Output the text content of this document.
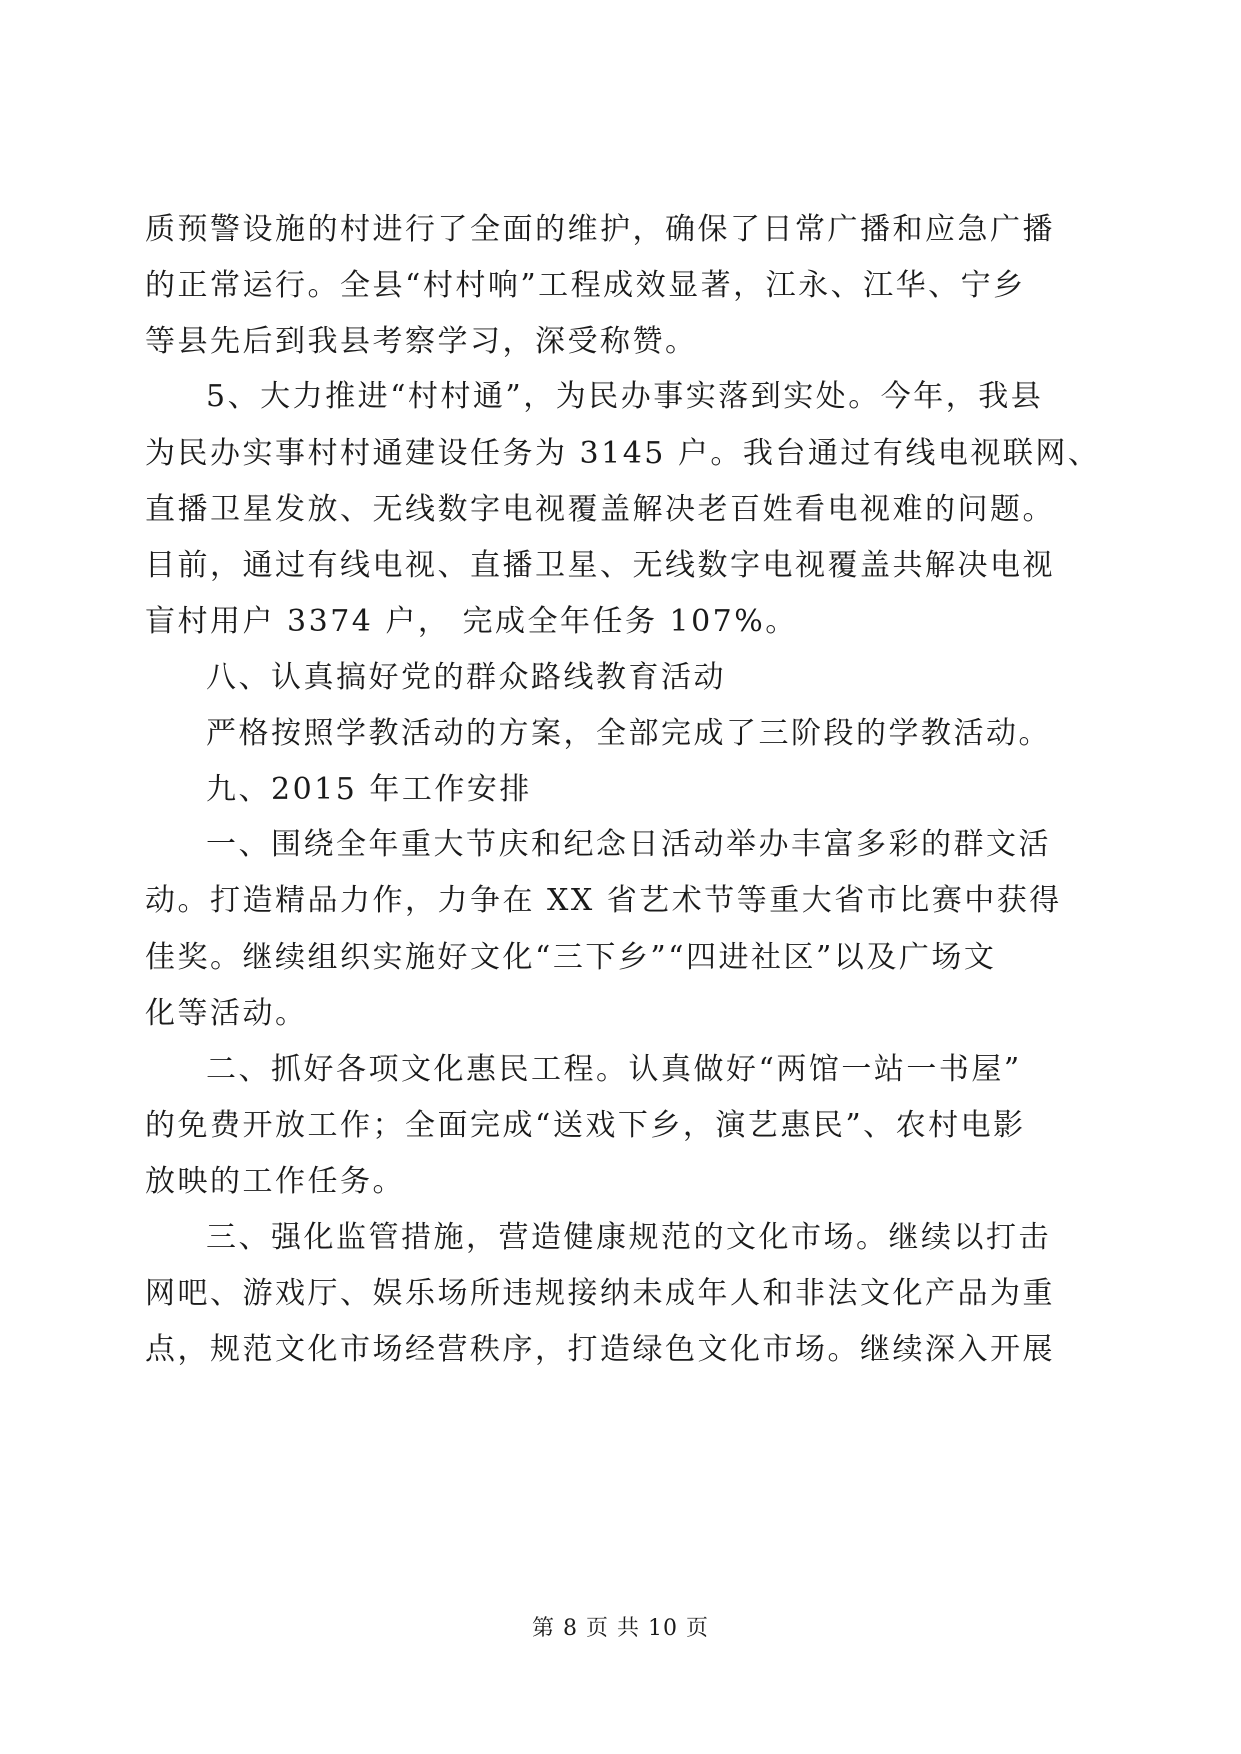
质预警设施的村进行了全面的维护，确保了日常广播和应急广播
的正常运行。全县“村村响”工程成效显著，江永、江华、宁乡
等县先后到我县考察学习，深受称赞。
5、大力推进“村村通”，为民办事实落到实处。今年，我县
为民办实事村村通建设任务为 3145 户。我台通过有线电视联网、
直播卫星发放、无线数字电视覆盖解决老百姓看电视难的问题。
目前，通过有线电视、直播卫星、无线数字电视覆盖共解决电视
盲村用户 3374 户， 完成全年任务 107%。
八、认真搞好党的群众路线教育活动
严格按照学教活动的方案，全部完成了三阶段的学教活动。
九、2015 年工作安排
一、围绕全年重大节庆和纪念日活动举办丰富多彩的群文活
动。打造精品力作，力争在 XX 省艺术节等重大省市比赛中获得
佳奖。继续组织实施好文化“三下乡”“四进社区”以及广场文
化等活动。
二、抓好各项文化惠民工程。认真做好“两馆一站一书屋”
的免费开放工作；全面完成“送戏下乡，演艺惠民”、农村电影
放映的工作任务。
三、强化监管措施，营造健康规范的文化市场。继续以打击
网吧、游戏厅、娱乐场所违规接纳未成年人和非法文化产品为重
点，规范文化市场经营秩序，打造绿色文化市场。继续深入开展
第 8 页 共 10 页
